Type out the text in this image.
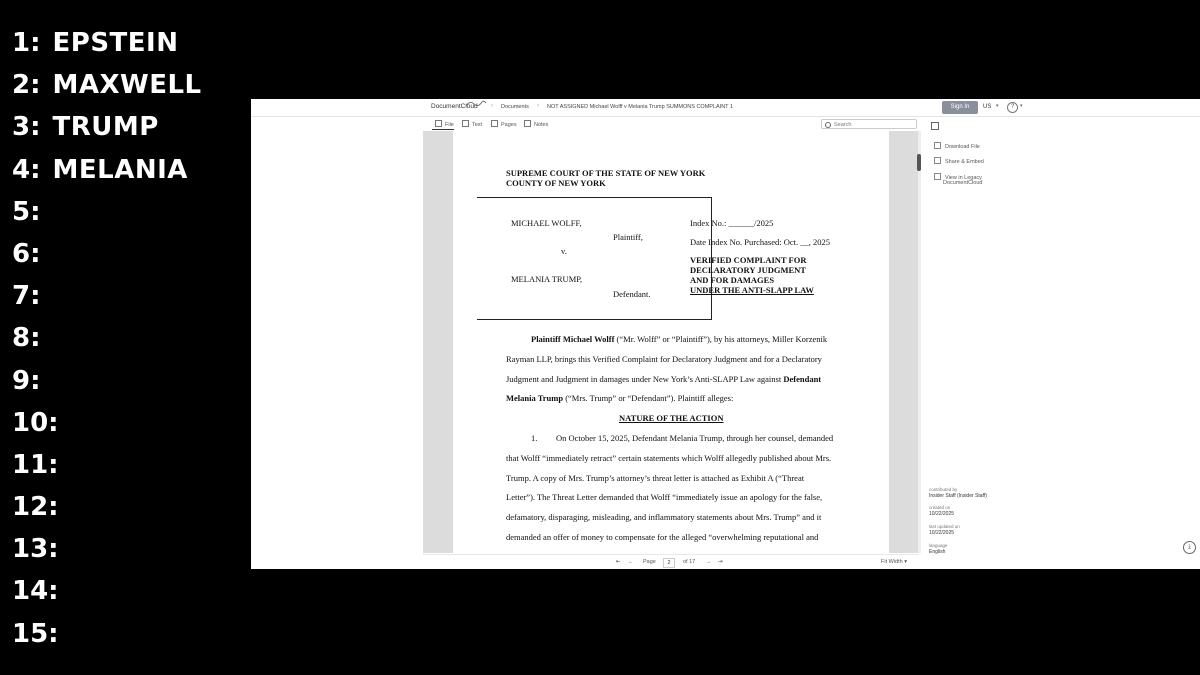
1: EPSTEIN
2: MAXWELL
3: TRUMP
4: MELANIA
5:
6:
7:
8:
9:
10:
11:
12:
13:
14:
15:
DocumentCloud › Documents › NOT ASSIGNED Michael Wolff v Melania Trump SUMMONS COMPLAINT 1	Sign In	US ▾	?	▾
File	Text	Pages	Notes	Search
SUPREME COURT OF THE STATE OF NEW YORK
COUNTY OF NEW YORK
MICHAEL WOLFF,
Plaintiff,
v.
MELANIA TRUMP,
Defendant.
Index No.: ______/2025
Date Index No. Purchased: Oct. __, 2025
VERIFIED COMPLAINT FOR
DECLARATORY JUDGMENT
AND FOR DAMAGES
UNDER THE ANTI-SLAPP LAW
Plaintiff Michael Wolff (“Mr. Wolff” or “Plaintiff”), by his attorneys, Miller Korzenik
Rayman LLP, brings this Verified Complaint for Declaratory Judgment and for a Declaratory
Judgment and Judgment in damages under New York’s Anti-SLAPP Law against Defendant
Melania Trump (“Mrs. Trump” or “Defendant”). Plaintiff alleges:
NATURE OF THE ACTION
1. On October 15, 2025, Defendant Melania Trump, through her counsel, demanded
that Wolff “immediately retract” certain statements which Wolff allegedly published about Mrs.
Trump. A copy of Mrs. Trump’s attorney’s threat letter is attached as Exhibit A (“Threat
Letter”). The Threat Letter demanded that Wolff “immediately issue an apology for the false,
defamatory, disparaging, misleading, and inflammatory statements about Mrs. Trump” and it
demanded an offer of money to compensate for the alleged “overwhelming reputational and
⇤ ← Page	2	of 17 → ⇥	Fit Width ▾
Download File
Share & Embed
View in Legacy
DocumentCloud
contributed by
Insider Staff (Insider Staff)
created on
10/22/2025
last updated on
10/22/2025
language
English
⤓
